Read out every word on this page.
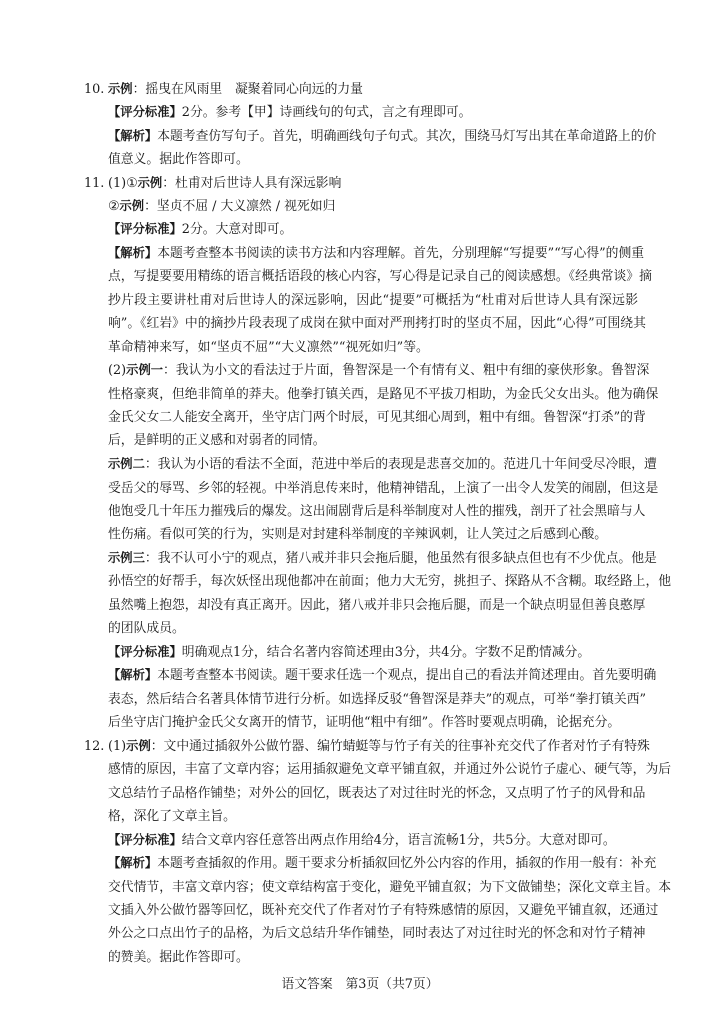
10. 示例：摇曳在风雨里　凝聚着同心向远的力量
【评分标准】2分。参考【甲】诗画线句的句式，言之有理即可。
【解析】本题考查仿写句子。首先，明确画线句子句式。其次，围绕马灯写出其在革命道路上的价
值意义。据此作答即可。
11. (1)①示例：杜甫对后世诗人具有深远影响
②示例：坚贞不屈 / 大义凛然 / 视死如归
【评分标准】2分。大意对即可。
【解析】本题考查整本书阅读的读书方法和内容理解。首先，分别理解“写提要”“写心得”的侧重
点，写提要要用精练的语言概括语段的核心内容，写心得是记录自己的阅读感想。《经典常谈》摘
抄片段主要讲杜甫对后世诗人的深远影响，因此“提要”可概括为“杜甫对后世诗人具有深远影
响”。《红岩》中的摘抄片段表现了成岗在狱中面对严刑拷打时的坚贞不屈，因此“心得”可围绕其
革命精神来写，如“坚贞不屈”“大义凛然”“视死如归”等。
(2)示例一：我认为小文的看法过于片面，鲁智深是一个有情有义、粗中有细的豪侠形象。鲁智深
性格豪爽，但绝非简单的莽夫。他拳打镇关西，是路见不平拔刀相助，为金氏父女出头。他为确保
金氏父女二人能安全离开，坐守店门两个时辰，可见其细心周到，粗中有细。鲁智深“打杀”的背
后，是鲜明的正义感和对弱者的同情。
示例二：我认为小语的看法不全面，范进中举后的表现是悲喜交加的。范进几十年间受尽冷眼，遭
受岳父的辱骂、乡邻的轻视。中举消息传来时，他精神错乱，上演了一出令人发笑的闹剧，但这是
他饱受几十年压力摧残后的爆发。这出闹剧背后是科举制度对人性的摧残，剖开了社会黑暗与人
性伤痛。看似可笑的行为，实则是对封建科举制度的辛辣讽刺，让人笑过之后感到心酸。
示例三：我不认可小宁的观点，猪八戒并非只会拖后腿，他虽然有很多缺点但也有不少优点。他是
孙悟空的好帮手，每次妖怪出现他都冲在前面；他力大无穷，挑担子、探路从不含糊。取经路上，他
虽然嘴上抱怨，却没有真正离开。因此，猪八戒并非只会拖后腿，而是一个缺点明显但善良憨厚
的团队成员。
【评分标准】明确观点1分，结合名著内容简述理由3分，共4分。字数不足酌情减分。
【解析】本题考查整本书阅读。题干要求任选一个观点，提出自己的看法并简述理由。首先要明确
表态，然后结合名著具体情节进行分析。如选择反驳“鲁智深是莽夫”的观点，可举“拳打镇关西”
后坐守店门掩护金氏父女离开的情节，证明他“粗中有细”。作答时要观点明确，论据充分。
12. (1)示例：文中通过插叙外公做竹器、编竹蜻蜓等与竹子有关的往事补充交代了作者对竹子有特殊
感情的原因，丰富了文章内容；运用插叙避免文章平铺直叙，并通过外公说竹子虚心、硬气等，为后
文总结竹子品格作铺垫；对外公的回忆，既表达了对过往时光的怀念，又点明了竹子的风骨和品
格，深化了文章主旨。
【评分标准】结合文章内容任意答出两点作用给4分，语言流畅1分，共5分。大意对即可。
【解析】本题考查插叙的作用。题干要求分析插叙回忆外公内容的作用，插叙的作用一般有：补充
交代情节，丰富文章内容；使文章结构富于变化，避免平铺直叙；为下文做铺垫；深化文章主旨。本
文插入外公做竹器等回忆，既补充交代了作者对竹子有特殊感情的原因，又避免平铺直叙，还通过
外公之口点出竹子的品格，为后文总结升华作铺垫，同时表达了对过往时光的怀念和对竹子精神
的赞美。据此作答即可。
语文答案　第3页（共7页）
